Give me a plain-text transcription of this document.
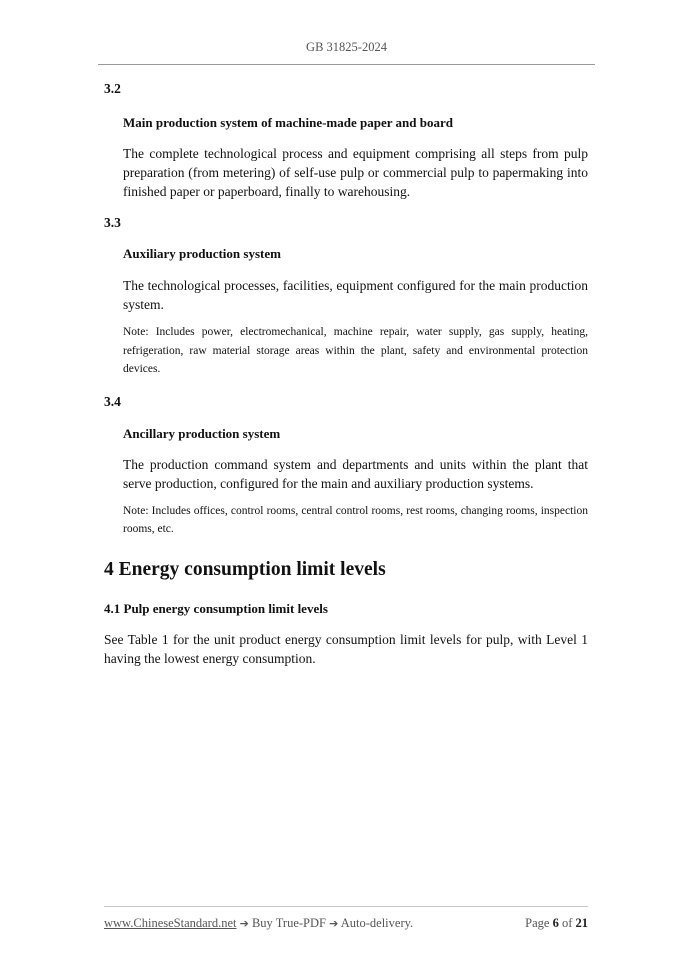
GB 31825-2024

3.2

Main production system of machine-made paper and board

The complete technological process and equipment comprising all steps from pulp preparation (from metering) of self-use pulp or commercial pulp to papermaking into finished paper or paperboard, finally to warehousing.

3.3

Auxiliary production system

The technological processes, facilities, equipment configured for the main production system.

Note: Includes power, electromechanical, machine repair, water supply, gas supply, heating, refrigeration, raw material storage areas within the plant, safety and environmental protection devices.

3.4

Ancillary production system

The production command system and departments and units within the plant that serve production, configured for the main and auxiliary production systems.

Note: Includes offices, control rooms, central control rooms, rest rooms, changing rooms, inspection rooms, etc.

4 Energy consumption limit levels

4.1 Pulp energy consumption limit levels

See Table 1 for the unit product energy consumption limit levels for pulp, with Level 1 having the lowest energy consumption.

www.ChineseStandard.net ➔ Buy True-PDF ➔ Auto-delivery.	Page 6 of 21
